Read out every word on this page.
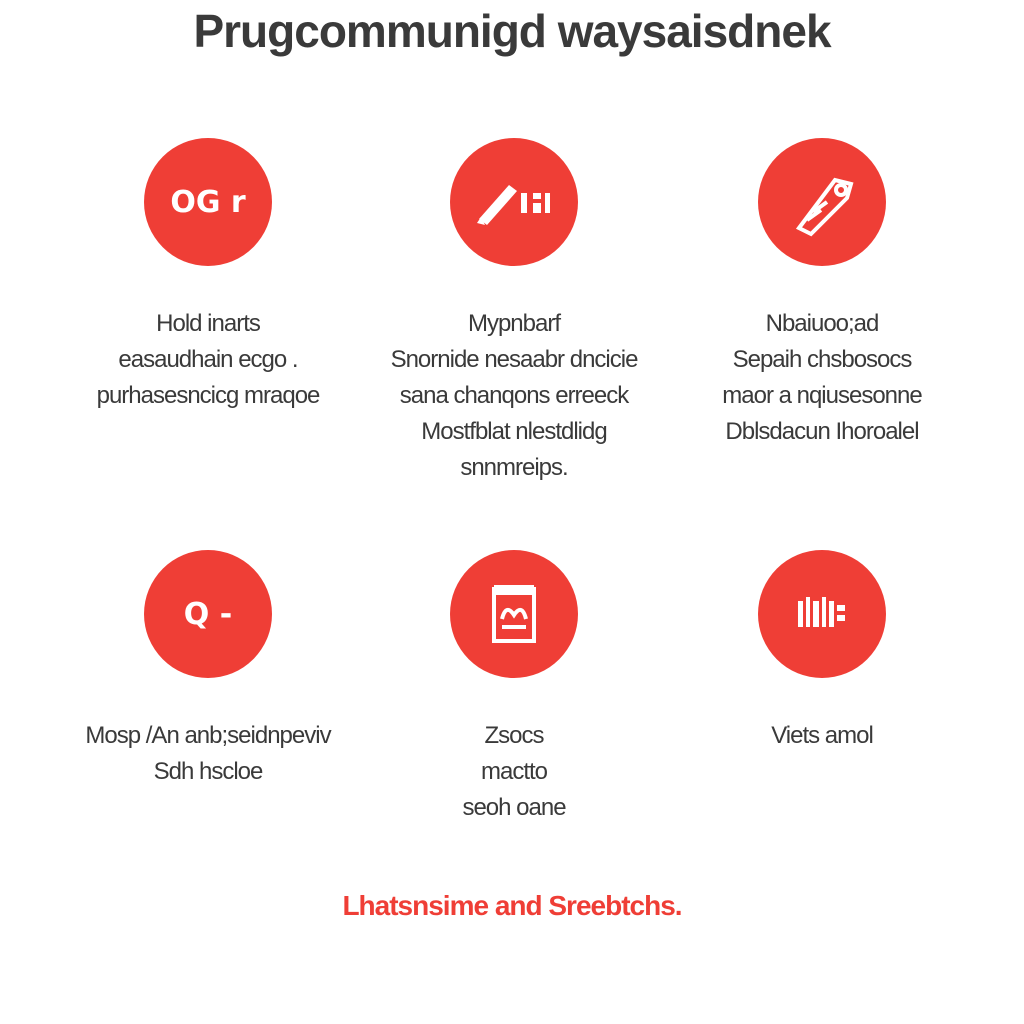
Prugcommunigd waysaisdnek
OG r
Hold inarts
easaudhain ecgo .
purhasesncicg mraqoe
Mypnbarf
Snornide nesaabr dncicie
sana chanqons erreeck
Mostfblat nlestdlidg
snnmreips.
Nbaiuoo;ad
Sepaih chsbosocs
maor a nqiusesonne
Dblsdacun Ihoroalel
Q -
Mosp /An anb;seidnpeviv
Sdh hscloe
Zsocs
mactto
seoh oane
Viets amol
Lhatsnsime and Sreebtchs.
